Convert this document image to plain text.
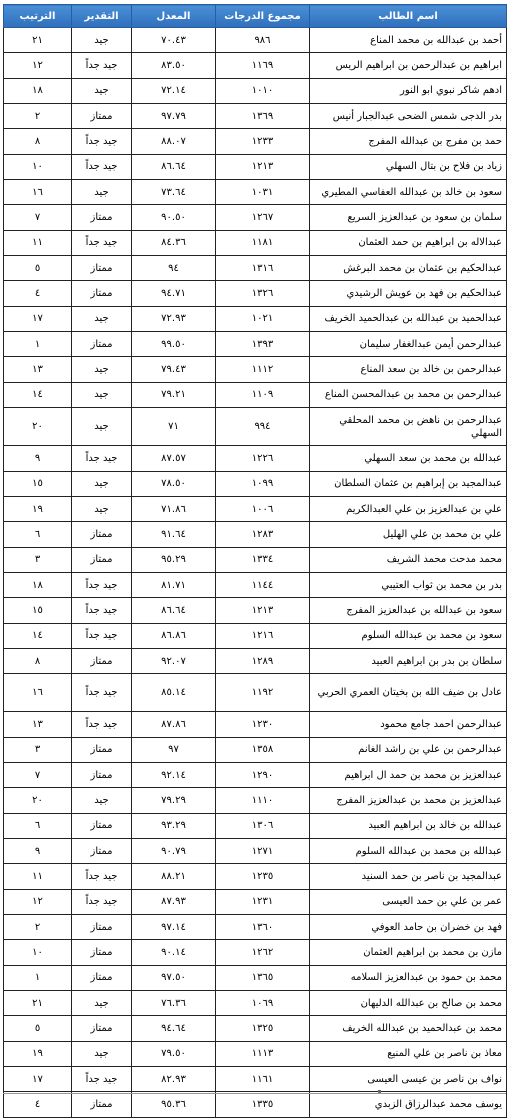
اسم الطالب	مجموع الدرجات	المعدل	التقدير	الترتيب
أحمد بن عبدالله بن محمد المناع	٩٨٦	٧٠.٤٣	جيد	٢١
ابراهيم بن عبدالرحمن بن ابراهيم الريس	١١٦٩	٨٣.٥٠	جيد جداً	١٢
ادهم شاكر نبوي ابو النور	١٠١٠	٧٢.١٤	جيد	١٨
بدر الدجى شمس الضحى عبدالجبار أنيس	١٣٦٩	٩٧.٧٩	ممتاز	٢
حمد بن مفرج بن عبدالله المفرج	١٢٣٣	٨٨.٠٧	جيد جداً	٨
زياد بن فلاح بن بتال السهلي	١٢١٣	٨٦.٦٤	جيد جداً	١٠
سعود بن خالد بن عبدالله العفاسي المطيري	١٠٣١	٧٣.٦٤	جيد	١٦
سلمان بن سعود بن عبدالعزيز السريع	١٢٦٧	٩٠.٥٠	ممتاز	٧
عبدالاله بن ابراهيم بن حمد العثمان	١١٨١	٨٤.٣٦	جيد جداً	١١
عبدالحكيم بن عثمان بن محمد البرغش	١٣١٦	٩٤	ممتاز	٥
عبدالحكيم بن فهد بن عويش الرشيدي	١٣٢٦	٩٤.٧١	ممتاز	٤
عبدالحميد بن عبدالله بن عبدالحميد الخريف	١٠٢١	٧٢.٩٣	جيد	١٧
عبدالرحمن أيمن عبدالغفار سليمان	١٣٩٣	٩٩.٥٠	ممتاز	١
عبدالرحمن بن خالد بن سعد المناع	١١١٢	٧٩.٤٣	جيد	١٣
عبدالرحمن بن محمد بن عبدالمحسن المناع	١١٠٩	٧٩.٢١	جيد	١٤
عبدالرحمن بن ناهض بن محمد المحلقي السهلي	٩٩٤	٧١	جيد	٢٠
عبدالله بن محمد بن سعد السهلي	١٢٢٦	٨٧.٥٧	جيد جداً	٩
عبدالمجيد بن إبراهيم بن عثمان السلطان	١٠٩٩	٧٨.٥٠	جيد	١٥
علي بن عبدالعزيز بن علي العبدالكريم	١٠٠٦	٧١.٨٦	جيد	١٩
علي بن محمد بن علي الهليل	١٢٨٣	٩١.٦٤	ممتاز	٦
محمد مدحت محمد الشريف	١٣٣٤	٩٥.٢٩	ممتاز	٣
بدر بن محمد بن ثواب العتيبي	١١٤٤	٨١.٧١	جيد جداً	١٨
سعود بن عبدالله بن عبدالعزيز المفرج	١٢١٣	٨٦.٦٤	جيد جداً	١٥
سعود بن محمد بن عبدالله السلوم	١٢١٦	٨٦.٨٦	جيد جداً	١٤
سلطان بن بدر بن ابراهيم العبيد	١٢٨٩	٩٢.٠٧	ممتاز	٨
عادل بن ضيف الله بن بخيتان العمري الحربي	١١٩٢	٨٥.١٤	جيد جداً	١٦
عبدالرحمن احمد جامع محمود	١٢٣٠	٨٧.٨٦	جيد جداً	١٣
عبدالرحمن بن علي بن راشد الغانم	١٣٥٨	٩٧	ممتاز	٣
عبدالعزيز بن محمد بن حمد ال ابراهيم	١٢٩٠	٩٢.١٤	ممتاز	٧
عبدالعزيز بن محمد بن عبدالعزيز المفرج	١١١٠	٧٩.٢٩	جيد	٢٠
عبدالله بن خالد بن ابراهيم العبيد	١٣٠٦	٩٣.٢٩	ممتاز	٦
عبدالله بن محمد بن عبدالله السلوم	١٢٧١	٩٠.٧٩	ممتاز	٩
عبدالمجيد بن ناصر بن حمد السنيد	١٢٣٥	٨٨.٢١	جيد جداً	١١
عمر بن علي بن حمد العيسى	١٢٣١	٨٧.٩٣	جيد جداً	١٢
فهد بن خضران بن حامد العوفي	١٣٦٠	٩٧.١٤	ممتاز	٢
مازن بن محمد بن ابراهيم العثمان	١٢٦٢	٩٠.١٤	ممتاز	١٠
محمد بن حمود بن عبدالعزيز السلامه	١٣٦٥	٩٧.٥٠	ممتاز	١
محمد بن صالح بن عبدالله الدليهان	١٠٦٩	٧٦.٣٦	جيد	٢١
محمد بن عبدالحميد بن عبدالله الخريف	١٣٢٥	٩٤.٦٤	ممتاز	٥
معاذ بن ناصر بن علي المنيع	١١١٣	٧٩.٥٠	جيد	١٩
نواف بن ناصر بن عيسى العيسى	١١٦١	٨٢.٩٣	جيد جداً	١٧
يوسف محمد عبدالرزاق الزبدي	١٣٣٥	٩٥.٣٦	ممتاز	٤
